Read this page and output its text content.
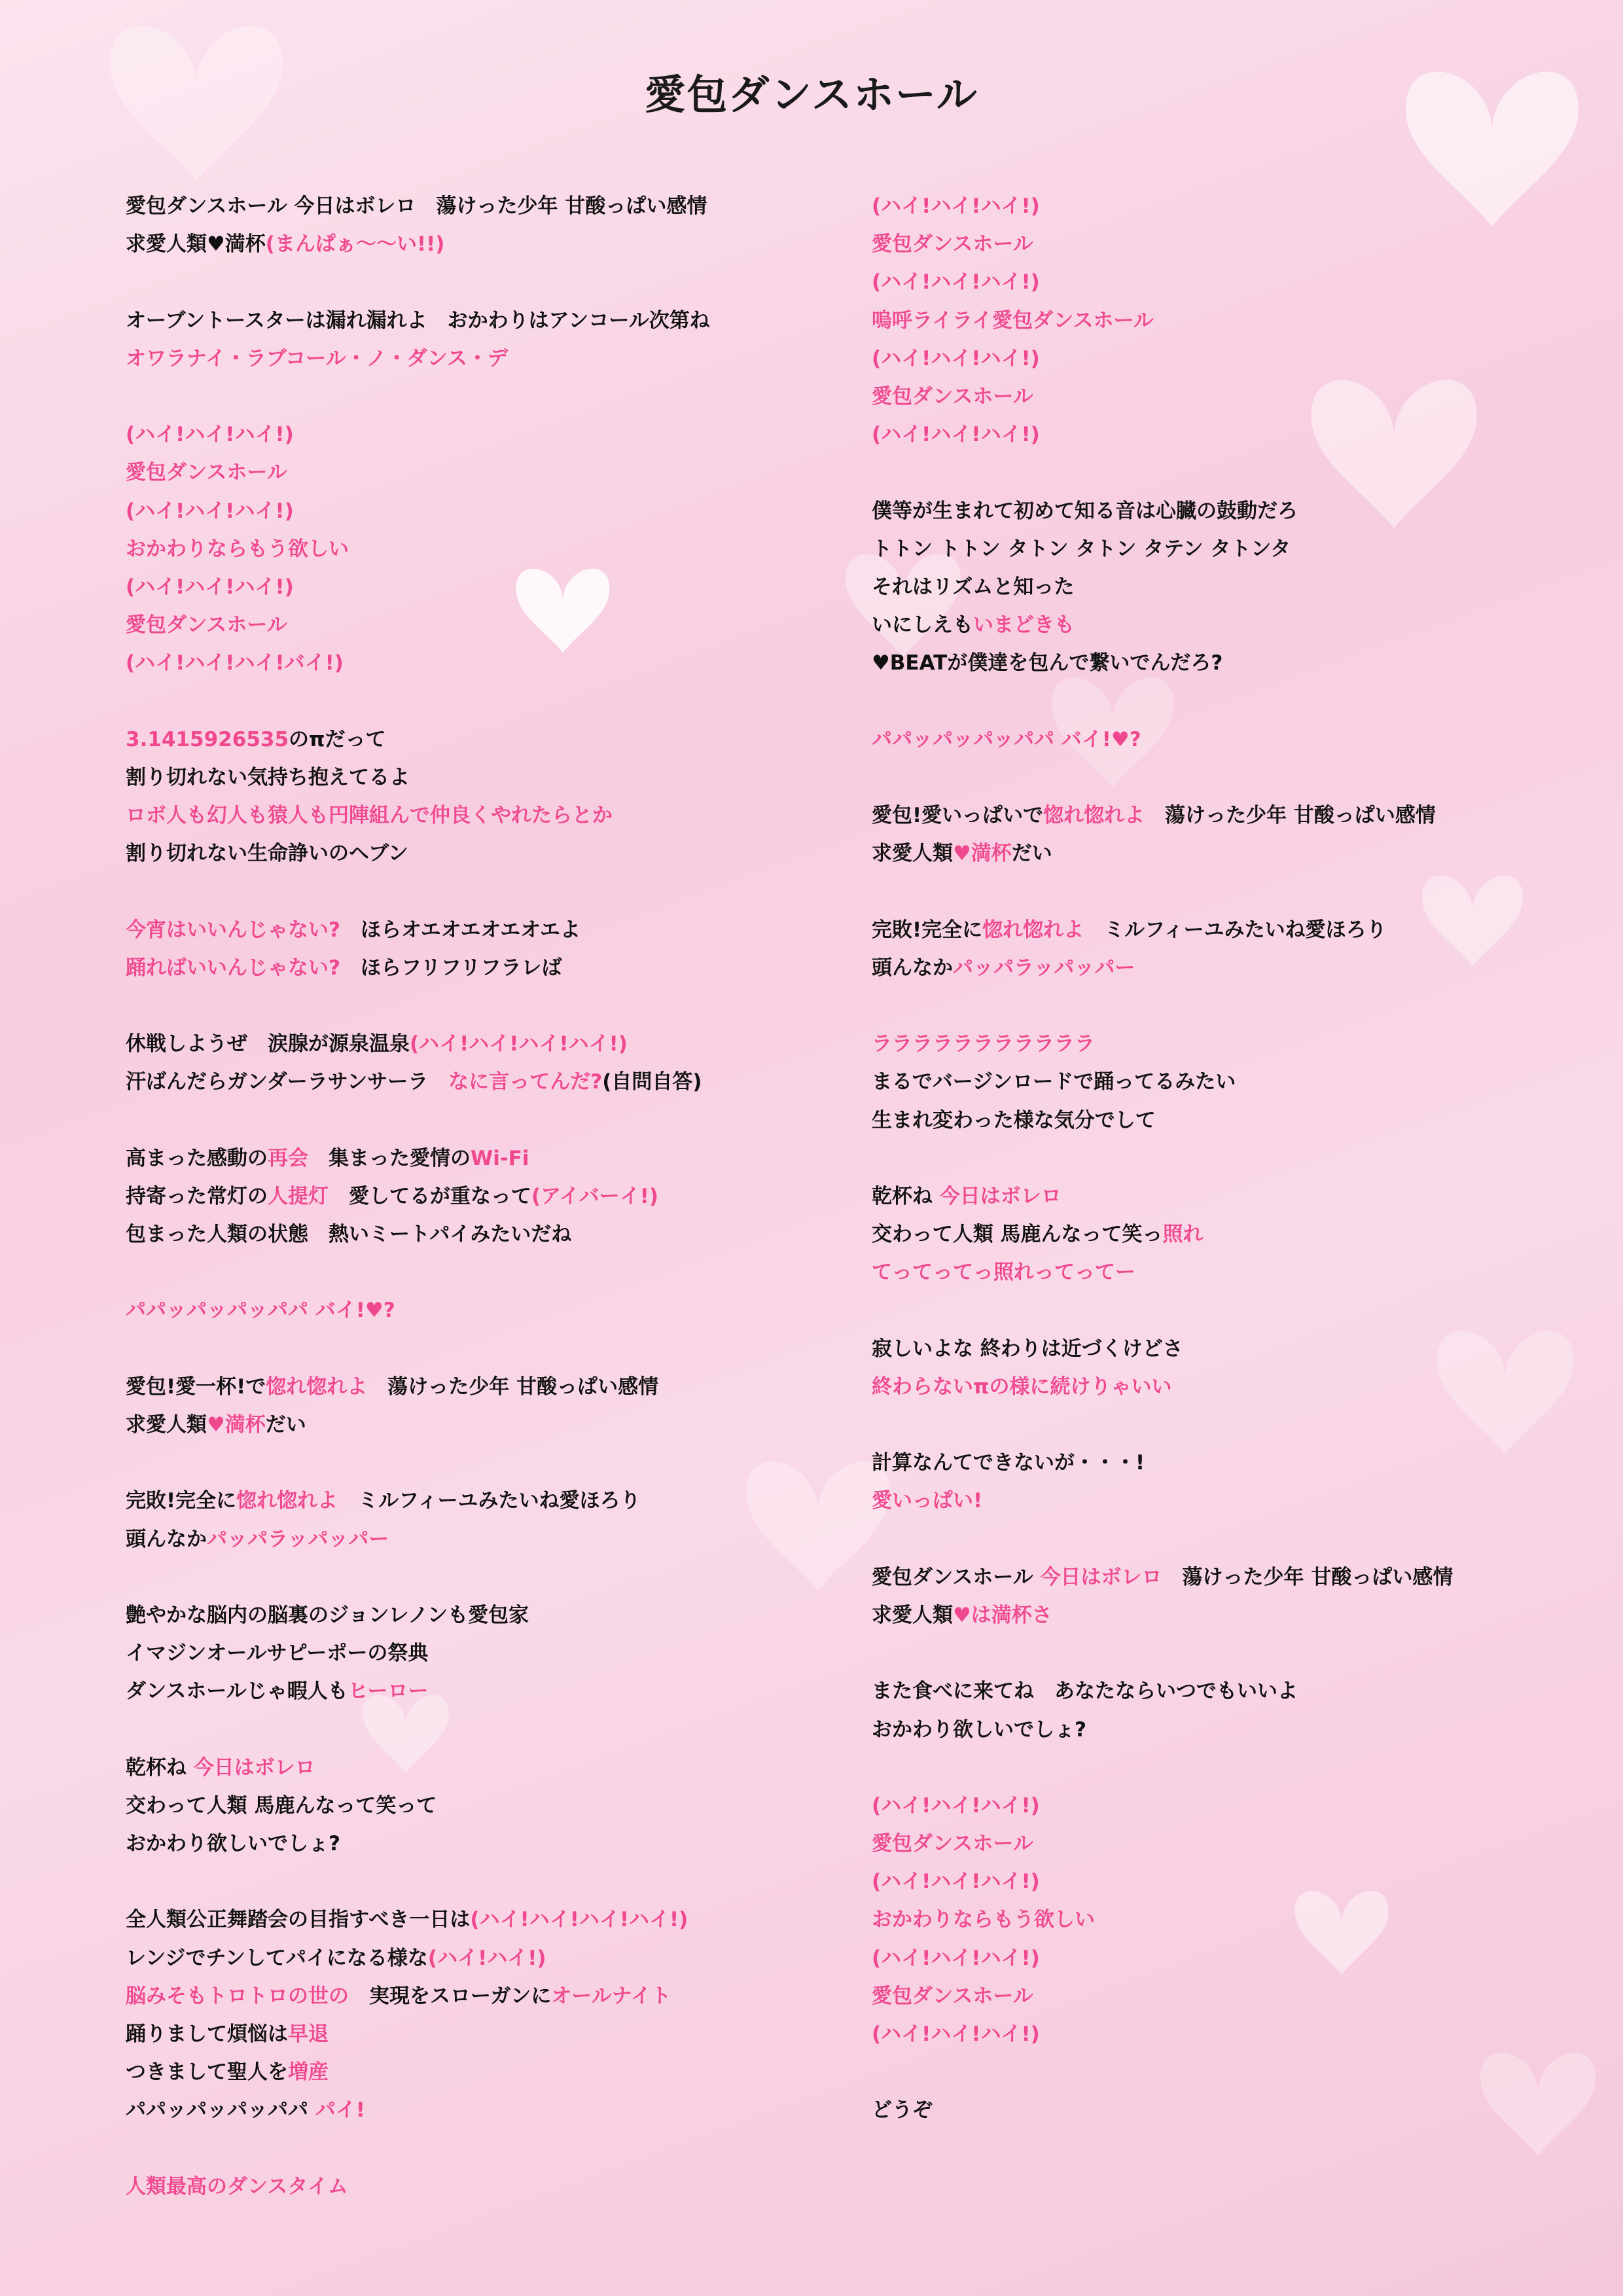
愛包ダンスホール
愛包ダンスホール 今日はボレロ　蕩けった少年 甘酸っぱい感情
求愛人類♥満杯(まんぱぁ〜〜い!!)
オーブントースターは漏れ漏れよ　おかわりはアンコール次第ね
オワラナイ・ラブコール・ノ・ダンス・デ
(ハイ!ハイ!ハイ!)
愛包ダンスホール
(ハイ!ハイ!ハイ!)
おかわりならもう欲しい
(ハイ!ハイ!ハイ!)
愛包ダンスホール
(ハイ!ハイ!ハイ!バイ!)
3.1415926535のπだって
割り切れない気持ち抱えてるよ
ロボ人も幻人も猿人も円陣組んで仲良くやれたらとか
割り切れない生命諍いのヘブン
今宵はいいんじゃない?　ほらオエオエオエオエよ
踊ればいいんじゃない?　ほらフリフリフラレば
休戦しようぜ　涙腺が源泉温泉(ハイ!ハイ!ハイ!ハイ!)
汗ばんだらガンダーラサンサーラ　なに言ってんだ?(自問自答)
高まった感動の再会　集まった愛情のWi-Fi
持寄った常灯の人提灯　愛してるが重なって(アイバーイ!)
包まった人類の状態　熱いミートパイみたいだね
パパッパッパッパパ バイ!♥?
愛包!愛一杯!で惚れ惚れよ　蕩けった少年 甘酸っぱい感情
求愛人類♥満杯だい
完敗!完全に惚れ惚れよ　ミルフィーユみたいね愛ほろり
頭んなかパッパラッパッパー
艶やかな脳内の脳裏のジョンレノンも愛包家
イマジンオールサピーポーの祭典
ダンスホールじゃ暇人もヒーロー
乾杯ね 今日はボレロ
交わって人類 馬鹿んなって笑って
おかわり欲しいでしょ?
全人類公正舞踏会の目指すべき一日は(ハイ!ハイ!ハイ!ハイ!)
レンジでチンしてパイになる様な(ハイ!ハイ!)
脳みそもトロトロの世の　実現をスローガンにオールナイト
踊りまして煩悩は早退
つきまして聖人を増産
パパッパッパッパパ パイ!
人類最高のダンスタイム
(ハイ!ハイ!ハイ!)
愛包ダンスホール
(ハイ!ハイ!ハイ!)
嗚呼ライライ愛包ダンスホール
(ハイ!ハイ!ハイ!)
愛包ダンスホール
(ハイ!ハイ!ハイ!)
僕等が生まれて初めて知る音は心臓の鼓動だろ
トトン トトン タトン タトン タテン タトンタ
それはリズムと知った
いにしえもいまどきも
♥BEATが僕達を包んで繋いでんだろ?
パパッパッパッパパ バイ!♥?
愛包!愛いっぱいで惚れ惚れよ　蕩けった少年 甘酸っぱい感情
求愛人類♥満杯だい
完敗!完全に惚れ惚れよ　ミルフィーユみたいね愛ほろり
頭んなかパッパラッパッパー
ラララララララララララ
まるでバージンロードで踊ってるみたい
生まれ変わった様な気分でして
乾杯ね 今日はボレロ
交わって人類 馬鹿んなって笑っ照れ
てってってっ照れってってー
寂しいよな 終わりは近づくけどさ
終わらないπの様に続けりゃいい
計算なんてできないが・・・!
愛いっぱい!
愛包ダンスホール 今日はボレロ　蕩けった少年 甘酸っぱい感情
求愛人類♥は満杯さ
また食べに来てね　あなたならいつでもいいよ
おかわり欲しいでしょ?
(ハイ!ハイ!ハイ!)
愛包ダンスホール
(ハイ!ハイ!ハイ!)
おかわりならもう欲しい
(ハイ!ハイ!ハイ!)
愛包ダンスホール
(ハイ!ハイ!ハイ!)
どうぞ
